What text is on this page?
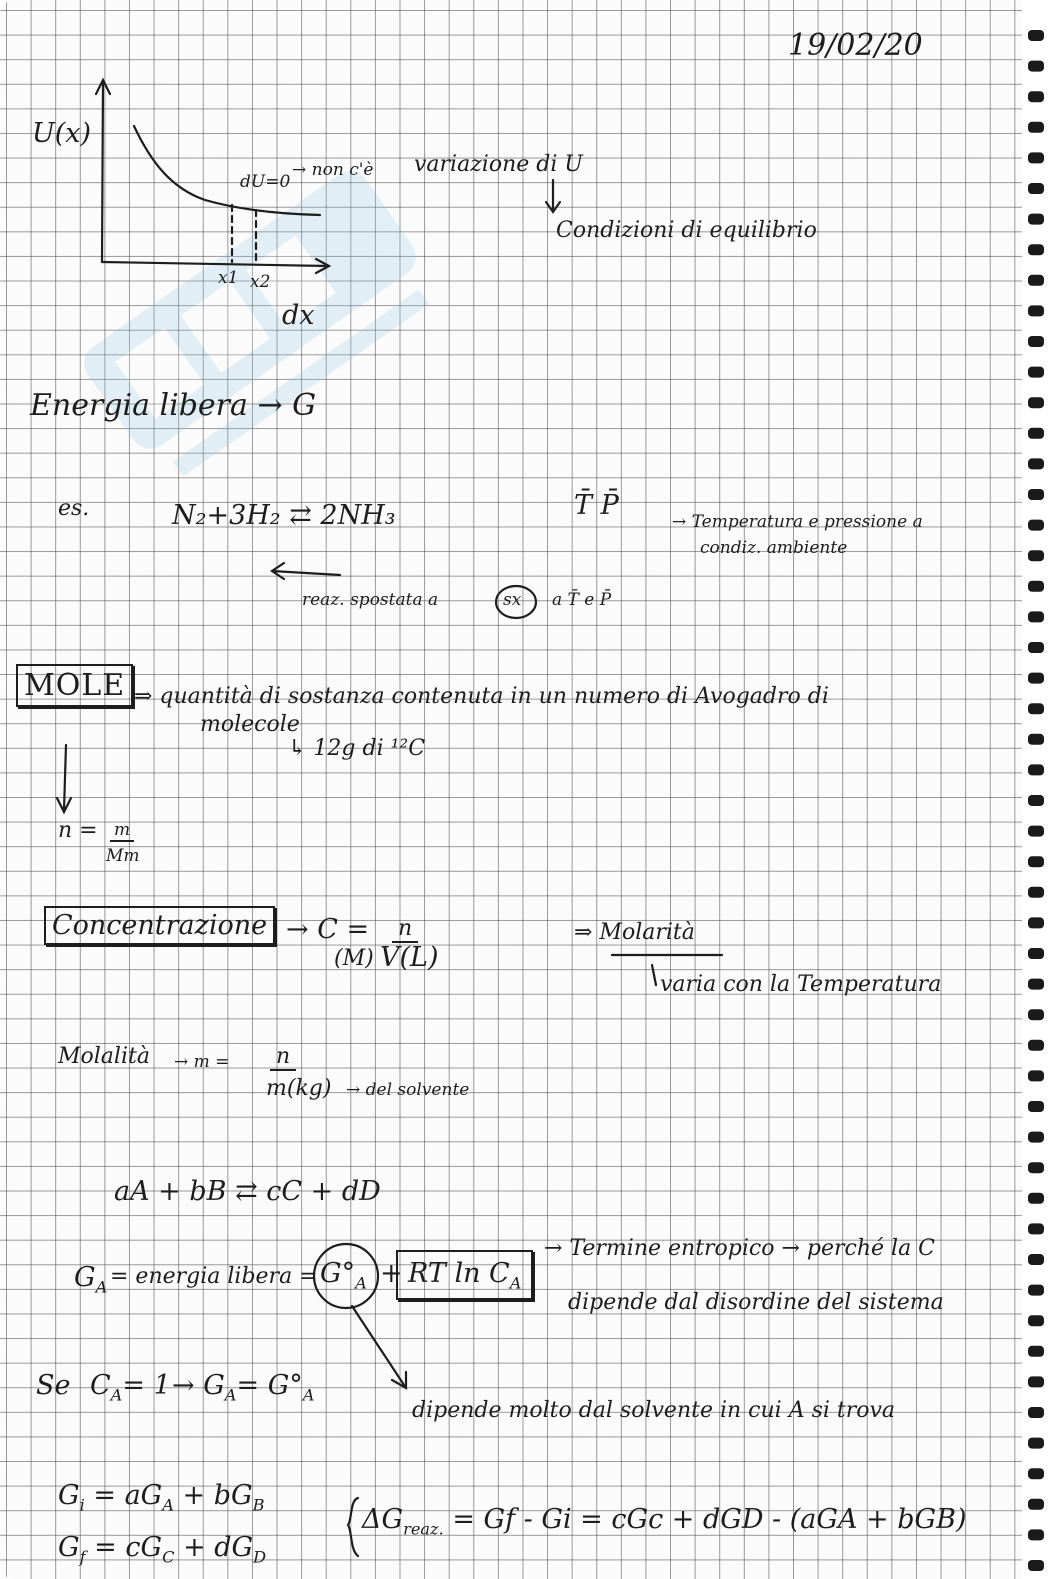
19/02/20
U(x)
x1 x2
dU=0
→ non c'è variazione di U
Condizioni di equilibrio
dx
Energia libera → G
es.	N₂+3H₂ ⇄ 2NH₃	T̄ P̄
→ Temperatura e pressione a
condiz. ambiente
reaz. spostata a	sx a T̄ e P̄
MOLE ⇒ quantità di sostanza contenuta in un numero di Avogadro di
molecole
↳ 12g di ¹²C
n = m
Mm
Concentrazione → C =
(M)
n
V(L)
⇒ Molarità
varia con la Temperatura
Molalità → m = n
m(kg) → del solvente
aA + bB ⇄ cC + dD
$G_A$ = energia libera = $G^\circ_A$ + RT $\ln C_A$
→ Termine entropico → perché la C
dipende dal disordine del sistema
Se $C_A= 1 \to G_A= G^\circ_A$
dipende molto dal solvente in cui A si trova
$G_i = aG_A + bG_B$
$G_f = cG_C + dG_D$
$\Delta G_{reaz.} = Gf - Gi$ = cGc + dGD - (aGA + bGB)
